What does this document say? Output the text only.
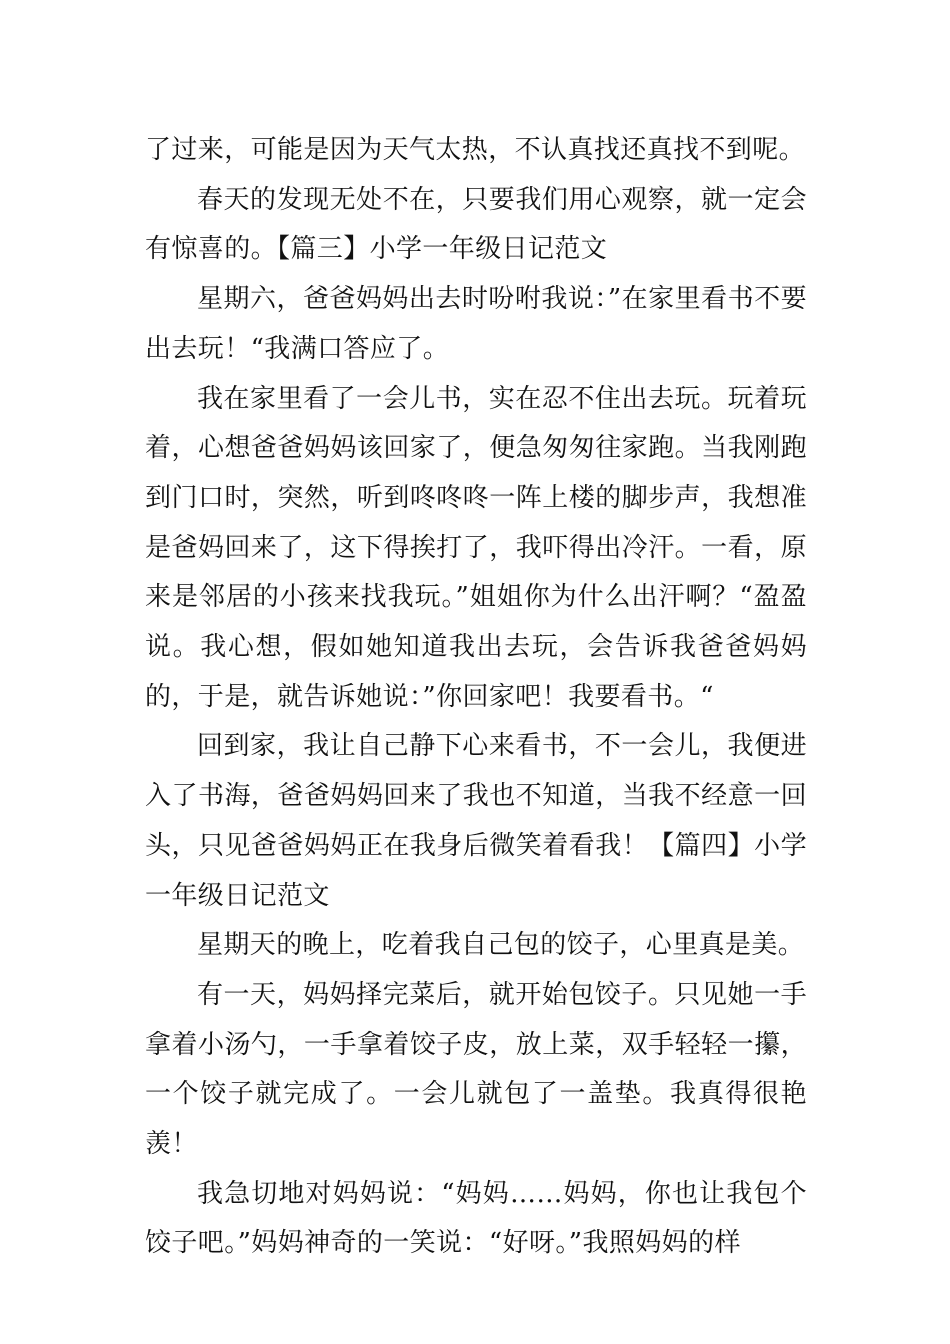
了过来，可能是因为天气太热，不认真找还真找不到呢。

春天的发现无处不在，只要我们用心观察，就一定会有惊喜的。【篇三】小学一年级日记范文

星期六，爸爸妈妈出去时吩咐我说：”在家里看书不要出去玩！“我满口答应了。

我在家里看了一会儿书，实在忍不住出去玩。玩着玩着，心想爸爸妈妈该回家了，便急匆匆往家跑。当我刚跑到门口时，突然，听到咚咚咚一阵上楼的脚步声，我想准是爸妈回来了，这下得挨打了，我吓得出冷汗。一看，原来是邻居的小孩来找我玩。”姐姐你为什么出汗啊？“盈盈说。我心想，假如她知道我出去玩，会告诉我爸爸妈妈的，于是，就告诉她说：”你回家吧！我要看书。“

回到家，我让自己静下心来看书，不一会儿，我便进入了书海，爸爸妈妈回来了我也不知道，当我不经意一回头，只见爸爸妈妈正在我身后微笑着看我！【篇四】小学一年级日记范文

星期天的晚上，吃着我自己包的饺子，心里真是美。

有一天，妈妈择完菜后，就开始包饺子。只见她一手拿着小汤勺，一手拿着饺子皮，放上菜，双手轻轻一攥，一个饺子就完成了。一会儿就包了一盖垫。我真得很艳羡！

我急切地对妈妈说：“妈妈……妈妈，你也让我包个饺子吧。”妈妈神奇的一笑说：“好呀。”我照妈妈的样
